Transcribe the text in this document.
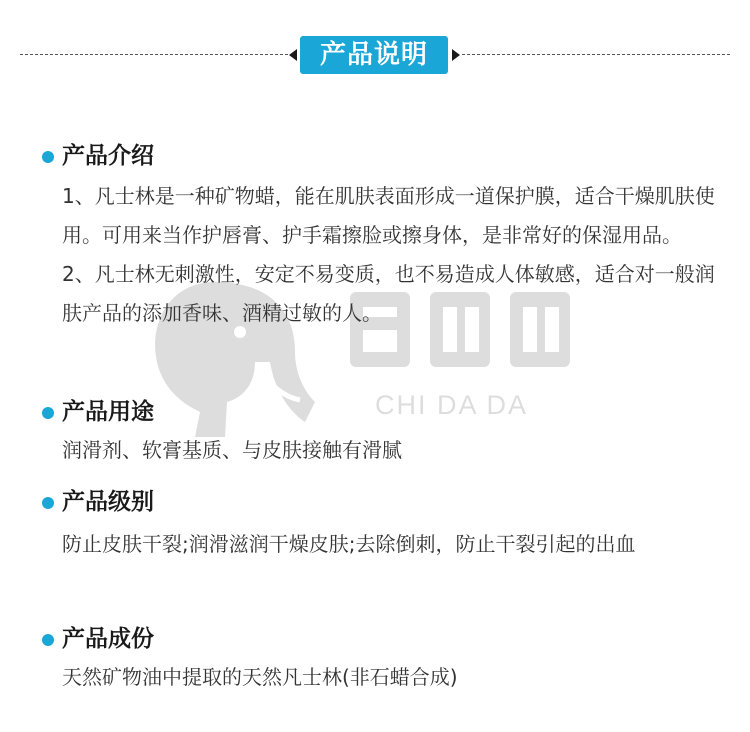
产品说明
CHI DA DA
产品介绍

1、凡士林是一种矿物蜡，能在肌肤表面形成一道保护膜，适合干燥肌肤使用。可用来当作护唇膏、护手霜擦脸或擦身体，是非常好的保湿用品。

2、凡士林无刺激性，安定不易变质，也不易造成人体敏感，适合对一般润肤产品的添加香味、酒精过敏的人。

产品用途

润滑剂、软膏基质、与皮肤接触有滑腻

产品级别

防止皮肤干裂;润滑滋润干燥皮肤;去除倒刺，防止干裂引起的出血

产品成份

天然矿物油中提取的天然凡士林(非石蜡合成)
